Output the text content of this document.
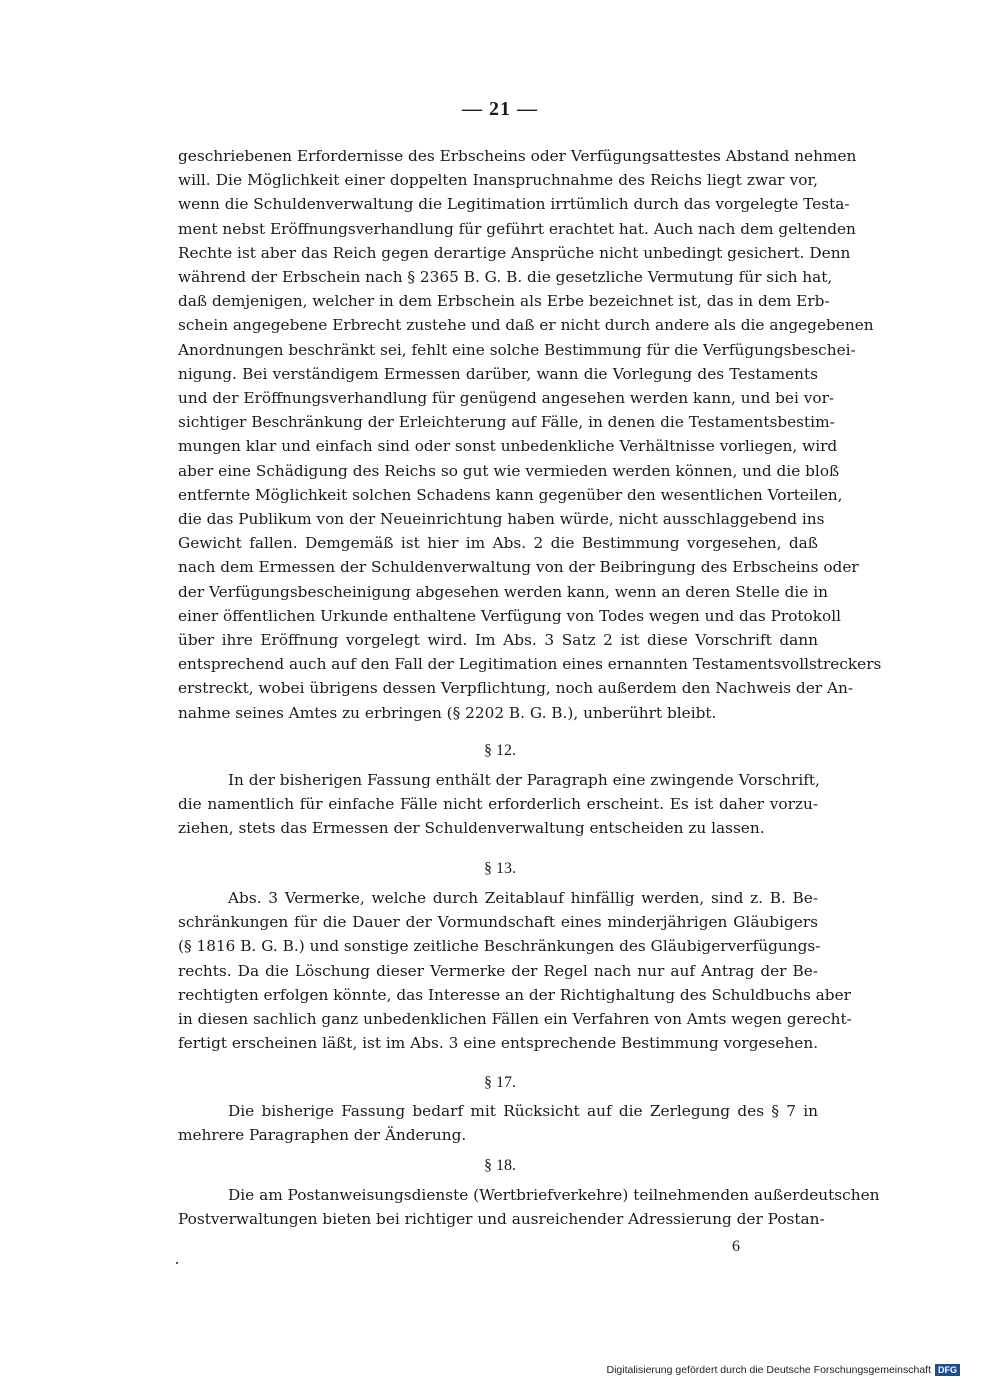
— 21 —
geschriebenen Erfordernisse des Erbscheins oder Verfügungsattestes Abstand nehmen
will. Die Möglichkeit einer doppelten Inanspruchnahme des Reichs liegt zwar vor,
wenn die Schuldenverwaltung die Legitimation irrtümlich durch das vorgelegte Testa-
ment nebst Eröffnungsverhandlung für geführt erachtet hat. Auch nach dem geltenden
Rechte ist aber das Reich gegen derartige Ansprüche nicht unbedingt gesichert. Denn
während der Erbschein nach § 2365 B. G. B. die gesetzliche Vermutung für sich hat,
daß demjenigen, welcher in dem Erbschein als Erbe bezeichnet ist, das in dem Erb-
schein angegebene Erbrecht zustehe und daß er nicht durch andere als die angegebenen
Anordnungen beschränkt sei, fehlt eine solche Bestimmung für die Verfügungsbeschei-
nigung. Bei verständigem Ermessen darüber, wann die Vorlegung des Testaments
und der Eröffnungsverhandlung für genügend angesehen werden kann, und bei vor-
sichtiger Beschränkung der Erleichterung auf Fälle, in denen die Testamentsbestim-
mungen klar und einfach sind oder sonst unbedenkliche Verhältnisse vorliegen, wird
aber eine Schädigung des Reichs so gut wie vermieden werden können, und die bloß
entfernte Möglichkeit solchen Schadens kann gegenüber den wesentlichen Vorteilen,
die das Publikum von der Neueinrichtung haben würde, nicht ausschlaggebend ins
Gewicht fallen. Demgemäß ist hier im Abs. 2 die Bestimmung vorgesehen, daß
nach dem Ermessen der Schuldenverwaltung von der Beibringung des Erbscheins oder
der Verfügungsbescheinigung abgesehen werden kann, wenn an deren Stelle die in
einer öffentlichen Urkunde enthaltene Verfügung von Todes wegen und das Protokoll
über ihre Eröffnung vorgelegt wird. Im Abs. 3 Satz 2 ist diese Vorschrift dann
entsprechend auch auf den Fall der Legitimation eines ernannten Testamentsvollstreckers
erstreckt, wobei übrigens dessen Verpflichtung, noch außerdem den Nachweis der An-
nahme seines Amtes zu erbringen (§ 2202 B. G. B.), unberührt bleibt.
§ 12.
In der bisherigen Fassung enthält der Paragraph eine zwingende Vorschrift,
die namentlich für einfache Fälle nicht erforderlich erscheint. Es ist daher vorzu-
ziehen, stets das Ermessen der Schuldenverwaltung entscheiden zu lassen.
§ 13.
Abs. 3 Vermerke, welche durch Zeitablauf hinfällig werden, sind z. B. Be-
schränkungen für die Dauer der Vormundschaft eines minderjährigen Gläubigers
(§ 1816 B. G. B.) und sonstige zeitliche Beschränkungen des Gläubigerverfügungs-
rechts. Da die Löschung dieser Vermerke der Regel nach nur auf Antrag der Be-
rechtigten erfolgen könnte, das Interesse an der Richtighaltung des Schuldbuchs aber
in diesen sachlich ganz unbedenklichen Fällen ein Verfahren von Amts wegen gerecht-
fertigt erscheinen läßt, ist im Abs. 3 eine entsprechende Bestimmung vorgesehen.
§ 17.
Die bisherige Fassung bedarf mit Rücksicht auf die Zerlegung des § 7 in
mehrere Paragraphen der Änderung.
§ 18.
Die am Postanweisungsdienste (Wertbriefverkehre) teilnehmenden außerdeutschen
Postverwaltungen bieten bei richtiger und ausreichender Adressierung der Postan-
6
Digitalisierung gefördert durch die Deutsche Forschungsgemeinschaft DFG
